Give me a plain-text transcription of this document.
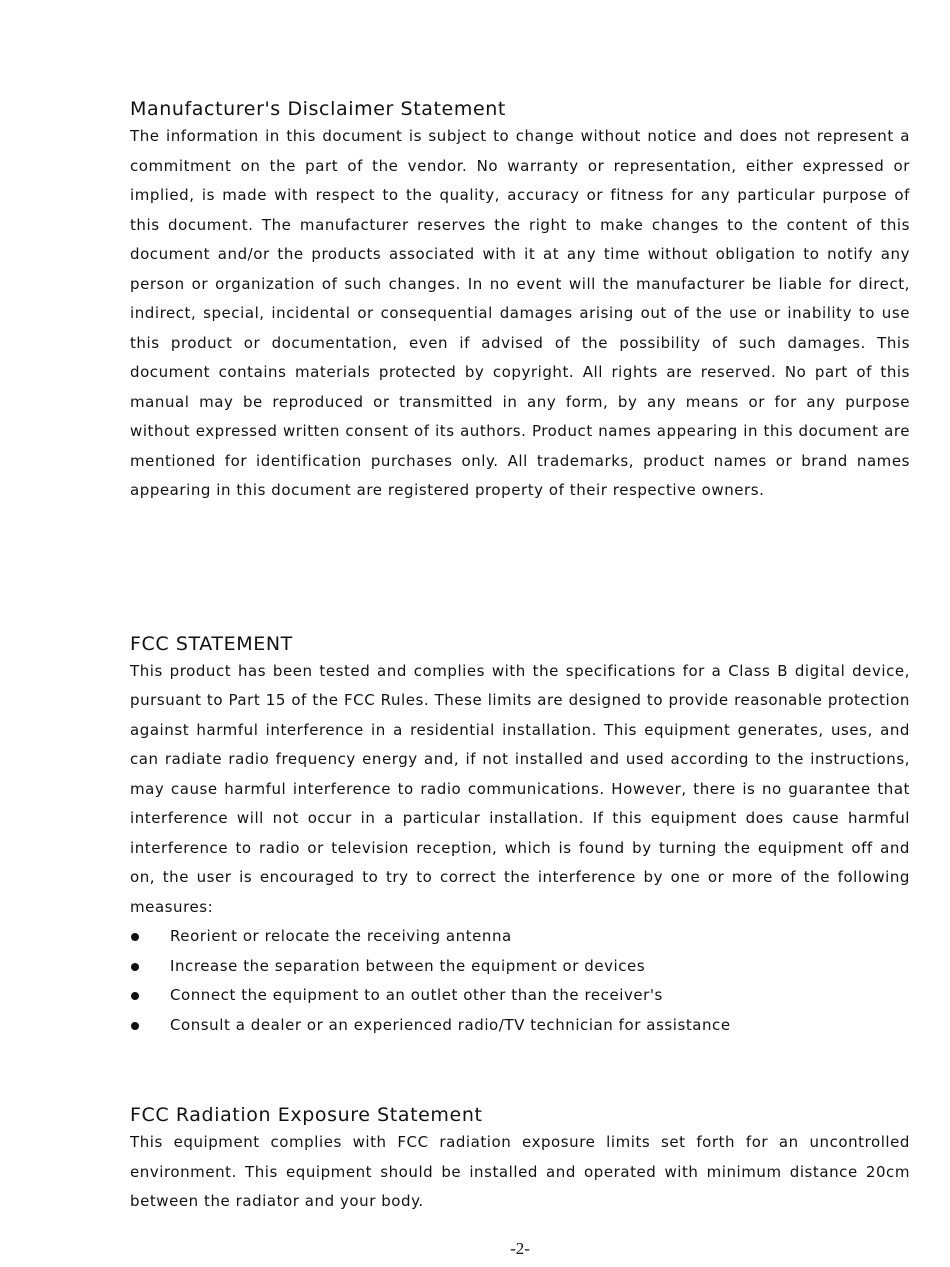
Manufacturer's Disclaimer Statement

The information in this document is subject to change without notice and does not represent a commitment on the part of the vendor. No warranty or representation, either expressed or implied, is made with respect to the quality, accuracy or fitness for any particular purpose of this document. The manufacturer reserves the right to make changes to the content of this document and/or the products associated with it at any time without obligation to notify any person or organization of such changes. In no event will the manufacturer be liable for direct, indirect, special, incidental or consequential damages arising out of the use or inability to use this product or documentation, even if advised of the possibility of such damages. This document contains materials protected by copyright. All rights are reserved. No part of this manual may be reproduced or transmitted in any form, by any means or for any purpose without expressed written consent of its authors. Product names appearing in this document are mentioned for identification purchases only. All trademarks, product names or brand names appearing in this document are registered property of their respective owners.

FCC STATEMENT

This product has been tested and complies with the specifications for a Class B digital device, pursuant to Part 15 of the FCC Rules. These limits are designed to provide reasonable protection against harmful interference in a residential installation. This equipment generates, uses, and can radiate radio frequency energy and, if not installed and used according to the instructions, may cause harmful interference to radio communications. However, there is no guarantee that interference will not occur in a particular installation. If this equipment does cause harmful interference to radio or television reception, which is found by turning the equipment off and on, the user is encouraged to try to correct the interference by one or more of the following measures:

Reorient or relocate the receiving antenna
Increase the separation between the equipment or devices
Connect the equipment to an outlet other than the receiver's
Consult a dealer or an experienced radio/TV technician for assistance
FCC Radiation Exposure Statement

This equipment complies with FCC radiation exposure limits set forth for an uncontrolled environment. This equipment should be installed and operated with minimum distance 20cm between the radiator and your body.

-2-
